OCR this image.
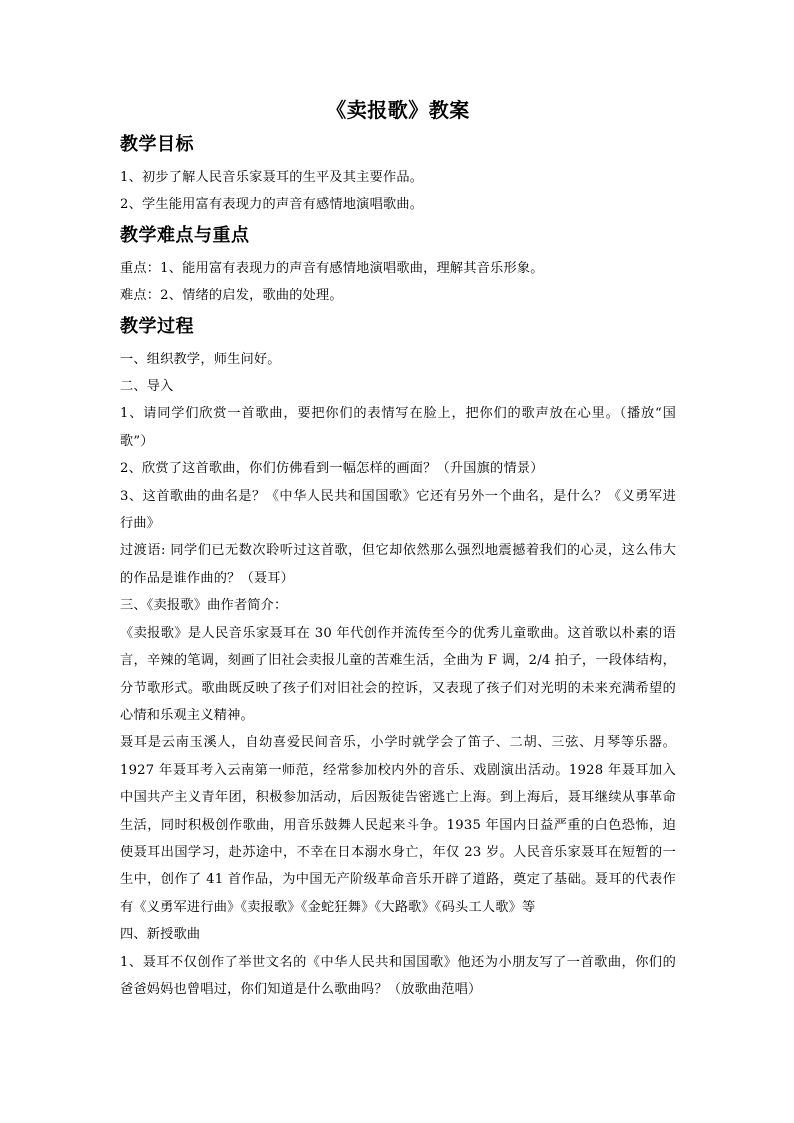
《卖报歌》教案
教学目标

1、初步了解人民音乐家聂耳的生平及其主要作品。

2、学生能用富有表现力的声音有感情地演唱歌曲。

教学难点与重点

重点：1、能用富有表现力的声音有感情地演唱歌曲，理解其音乐形象。

难点：2、情绪的启发，歌曲的处理。

教学过程

一、组织教学，师生问好。

二、导入

1、请同学们欣赏一首歌曲，要把你们的表情写在脸上，把你们的歌声放在心里。（播放“国歌”）

2、欣赏了这首歌曲，你们仿佛看到一幅怎样的画面？（升国旗的情景）

3、这首歌曲的曲名是？《中华人民共和国国歌》它还有另外一个曲名，是什么？《义勇军进行曲》

过渡语: 同学们已无数次聆听过这首歌，但它却依然那么强烈地震撼着我们的心灵，这么伟大的作品是谁作曲的？（聂耳）

三、《卖报歌》曲作者简介：

《卖报歌》是人民音乐家聂耳在 30 年代创作并流传至今的优秀儿童歌曲。这首歌以朴素的语言，辛辣的笔调，刻画了旧社会卖报儿童的苦难生活，全曲为 F 调，2/4 拍子，一段体结构，分节歌形式。歌曲既反映了孩子们对旧社会的控诉，又表现了孩子们对光明的未来充满希望的心情和乐观主义精神。

聂耳是云南玉溪人，自幼喜爱民间音乐，小学时就学会了笛子、二胡、三弦、月琴等乐器。1927 年聂耳考入云南第一师范，经常参加校内外的音乐、戏剧演出活动。1928 年聂耳加入中国共产主义青年团，积极参加活动，后因叛徒告密逃亡上海。到上海后，聂耳继续从事革命生活，同时积极创作歌曲，用音乐鼓舞人民起来斗争。1935 年国内日益严重的白色恐怖，迫使聂耳出国学习，赴苏途中，不幸在日本溺水身亡，年仅 23 岁。人民音乐家聂耳在短暂的一生中，创作了 41 首作品，为中国无产阶级革命音乐开辟了道路，奠定了基础。聂耳的代表作有《义勇军进行曲》《卖报歌》《金蛇狂舞》《大路歌》《码头工人歌》等

四、新授歌曲

1、聂耳不仅创作了举世文名的《中华人民共和国国歌》他还为小朋友写了一首歌曲，你们的爸爸妈妈也曾唱过，你们知道是什么歌曲吗？（放歌曲范唱）
